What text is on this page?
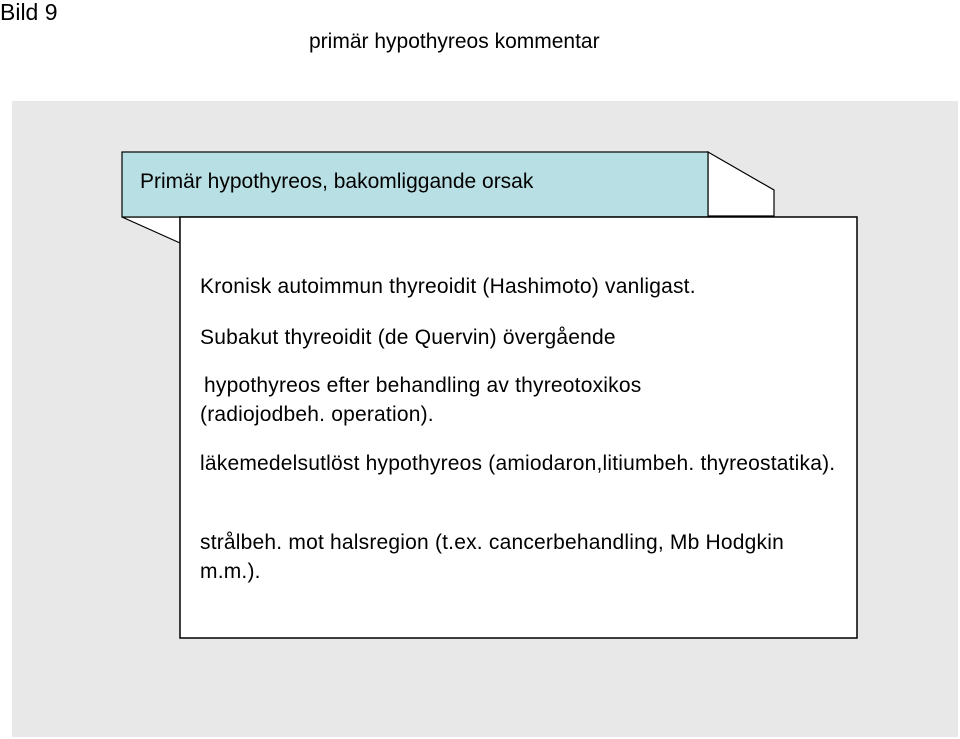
Bild 9
primär hypothyreos kommentar
Primär hypothyreos, bakomliggande orsak

Kronisk autoimmun thyreoidit (Hashimoto) vanligast.

Subakut thyreoidit (de Quervin) övergående

hypothyreos efter behandling av thyreotoxikos

(radiojodbeh. operation).

läkemedelsutlöst hypothyreos (amiodaron,litiumbeh. thyreostatika).

strålbeh. mot halsregion (t.ex. cancerbehandling, Mb Hodgkin m.m.).
